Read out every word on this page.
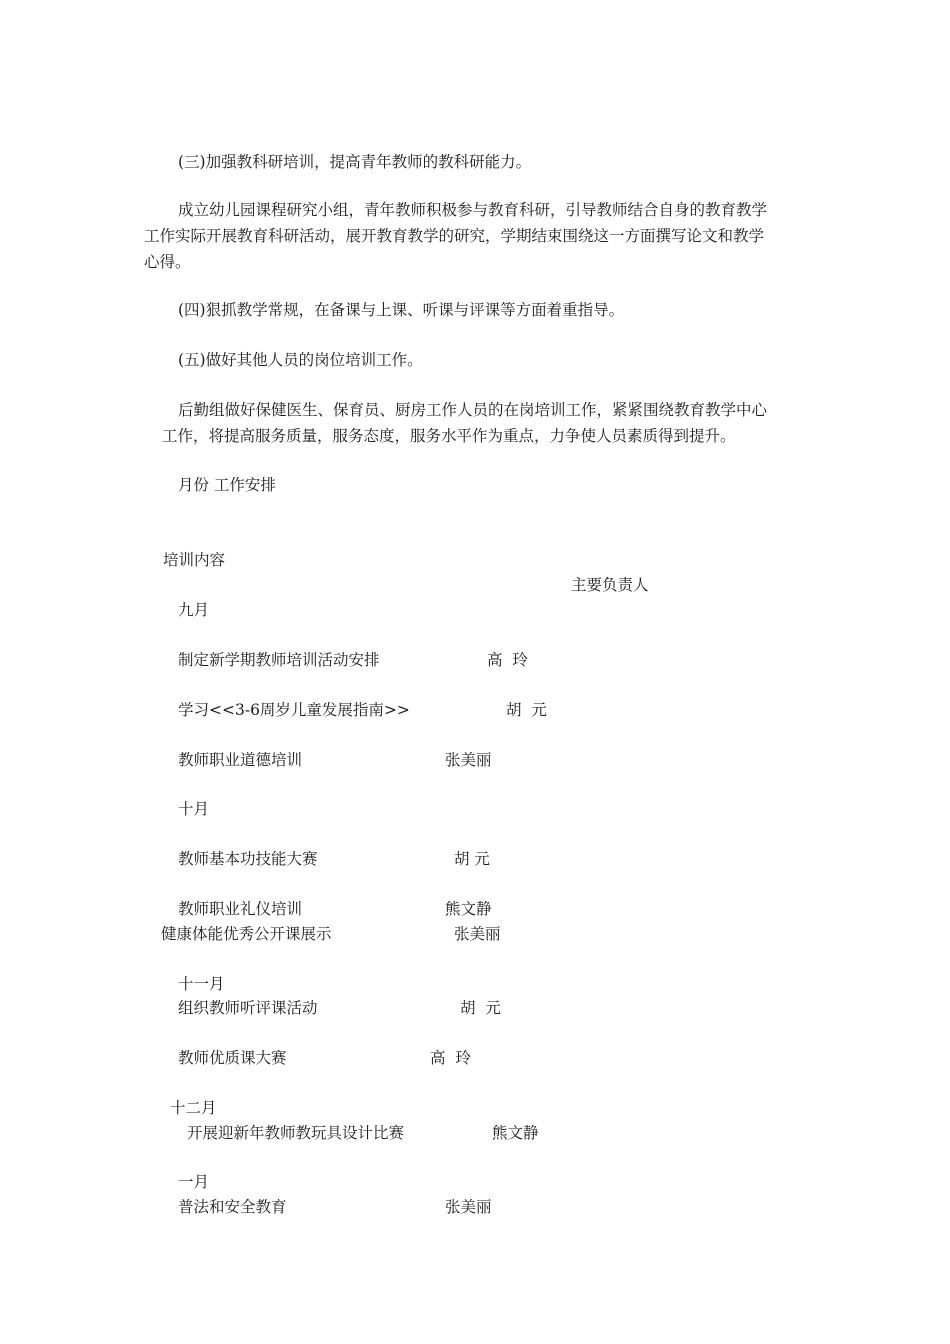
(三)加强教科研培训，提高青年教师的教科研能力。
成立幼儿园课程研究小组，青年教师积极参与教育科研，引导教师结合自身的教育教学
工作实际开展教育科研活动，展开教育教学的研究，学期结束围绕这一方面撰写论文和教学
心得。
(四)狠抓教学常规，在备课与上课、听课与评课等方面着重指导。
(五)做好其他人员的岗位培训工作。
后勤组做好保健医生、保育员、厨房工作人员的在岗培训工作，紧紧围绕教育教学中心
工作，将提高服务质量，服务态度，服务水平作为重点，力争使人员素质得到提升。
月份 工作安排
培训内容
主要负责人
九月
制定新学期教师培训活动安排	高  玲
学习<<3-6周岁儿童发展指南>>	胡  元
教师职业道德培训	张美丽
十月
教师基本功技能大赛	胡 元
教师职业礼仪培训	熊文静
健康体能优秀公开课展示	张美丽
十一月
组织教师听评课活动	胡  元
教师优质课大赛	高  玲
十二月
开展迎新年教师教玩具设计比赛	熊文静
一月
普法和安全教育	张美丽
